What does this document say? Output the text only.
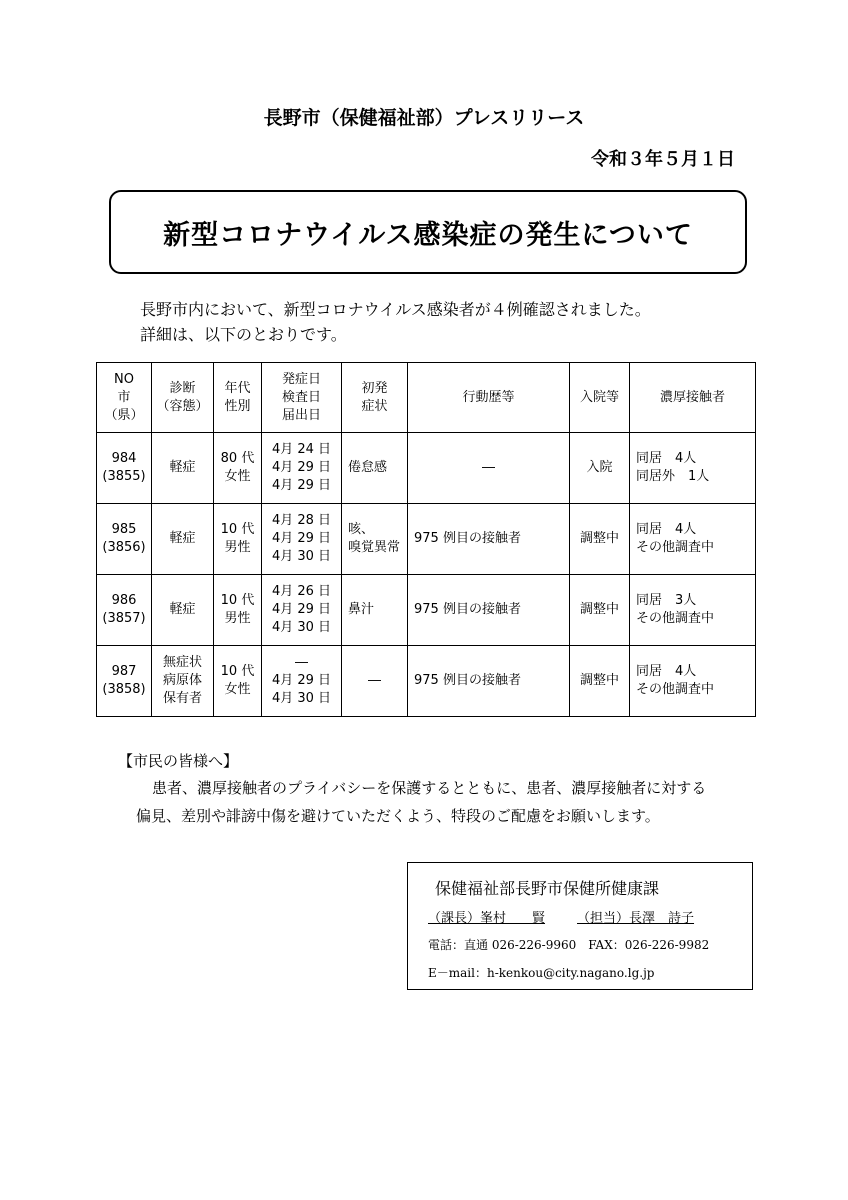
長野市（保健福祉部）プレスリリース
令和３年５月１日
新型コロナウイルス感染症の発生について
長野市内において、新型コロナウイルス感染者が４例確認されました。
詳細は、以下のとおりです。
NO
市
（県）	診断
（容態）	年代
性別	発症日
検査日
届出日	初発
症状	行動歴等	入院等	濃厚接触者

984
(3855)	軽症	80 代
女性	4月 24 日
4月 29 日
4月 29 日	倦怠感	―	入院	同居　4人
同居外　1人

985
(3856)	軽症	10 代
男性	4月 28 日
4月 29 日
4月 30 日	咳、
嗅覚異常	975 例目の接触者	調整中	同居　4人
その他調査中

986
(3857)	軽症	10 代
男性	4月 26 日
4月 29 日
4月 30 日	鼻汁	975 例目の接触者	調整中	同居　3人
その他調査中

987
(3858)	無症状
病原体
保有者	10 代
女性	―
4月 29 日
4月 30 日	―	975 例目の接触者	調整中	同居　4人
その他調査中
【市民の皆様へ】
患者、濃厚接触者のプライバシーを保護するとともに、患者、濃厚接触者に対する
偏見、差別や誹謗中傷を避けていただくよう、特段のご配慮をお願いします。
保健福祉部長野市保健所健康課
（課長）峯村　　賢 （担当）長澤　詩子
電話：直通 026-226-9960　FAX：026-226-9982
E－mail：h-kenkou@city.nagano.lg.jp
